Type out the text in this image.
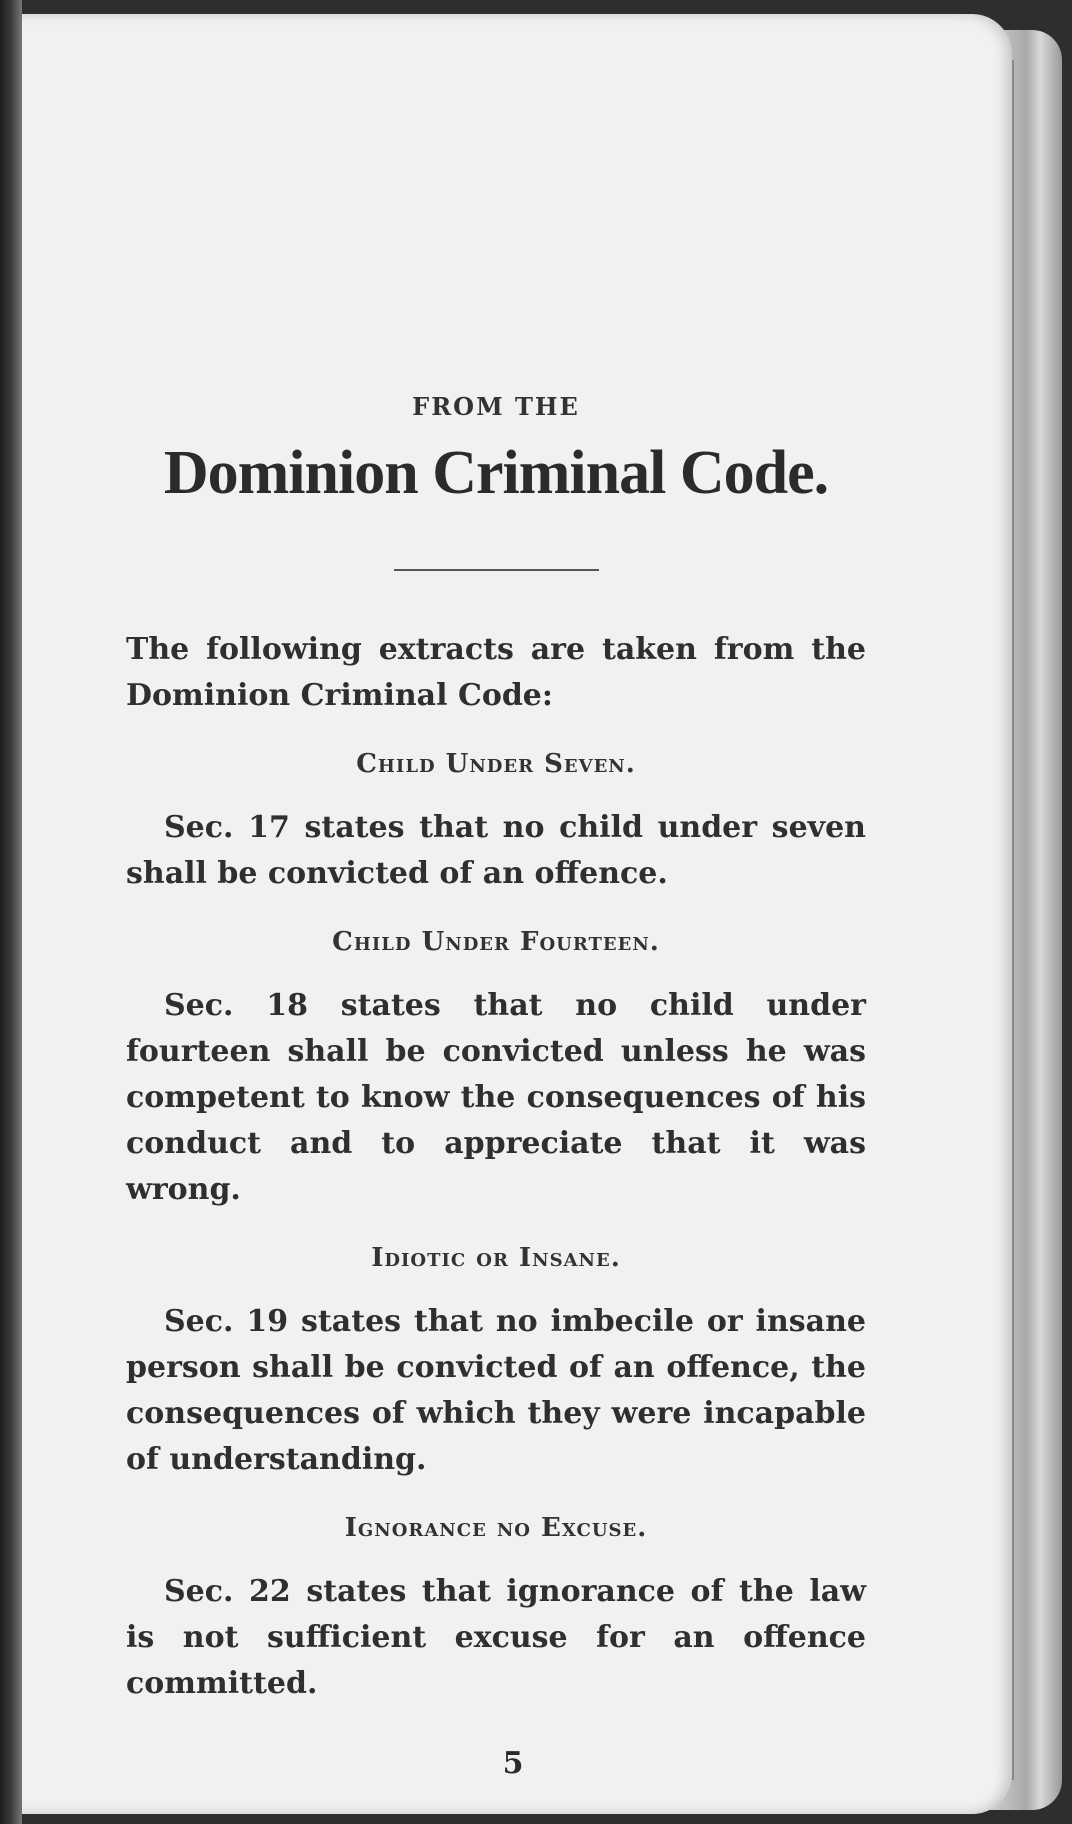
FROM THE

Dominion Criminal Code.

The following extracts are taken from the Dominion Criminal Code:

Child Under Seven.

Sec. 17 states that no child under seven shall be convicted of an offence.

Child Under Fourteen.

Sec. 18 states that no child under fourteen shall be convicted unless he was competent to know the consequences of his conduct and to appreciate that it was wrong.

Idiotic or Insane.

Sec. 19 states that no imbecile or insane person shall be convicted of an offence, the consequences of which they were incapable of understanding.

Ignorance no Excuse.

Sec. 22 states that ignorance of the law is not sufficient excuse for an offence committed.

5
